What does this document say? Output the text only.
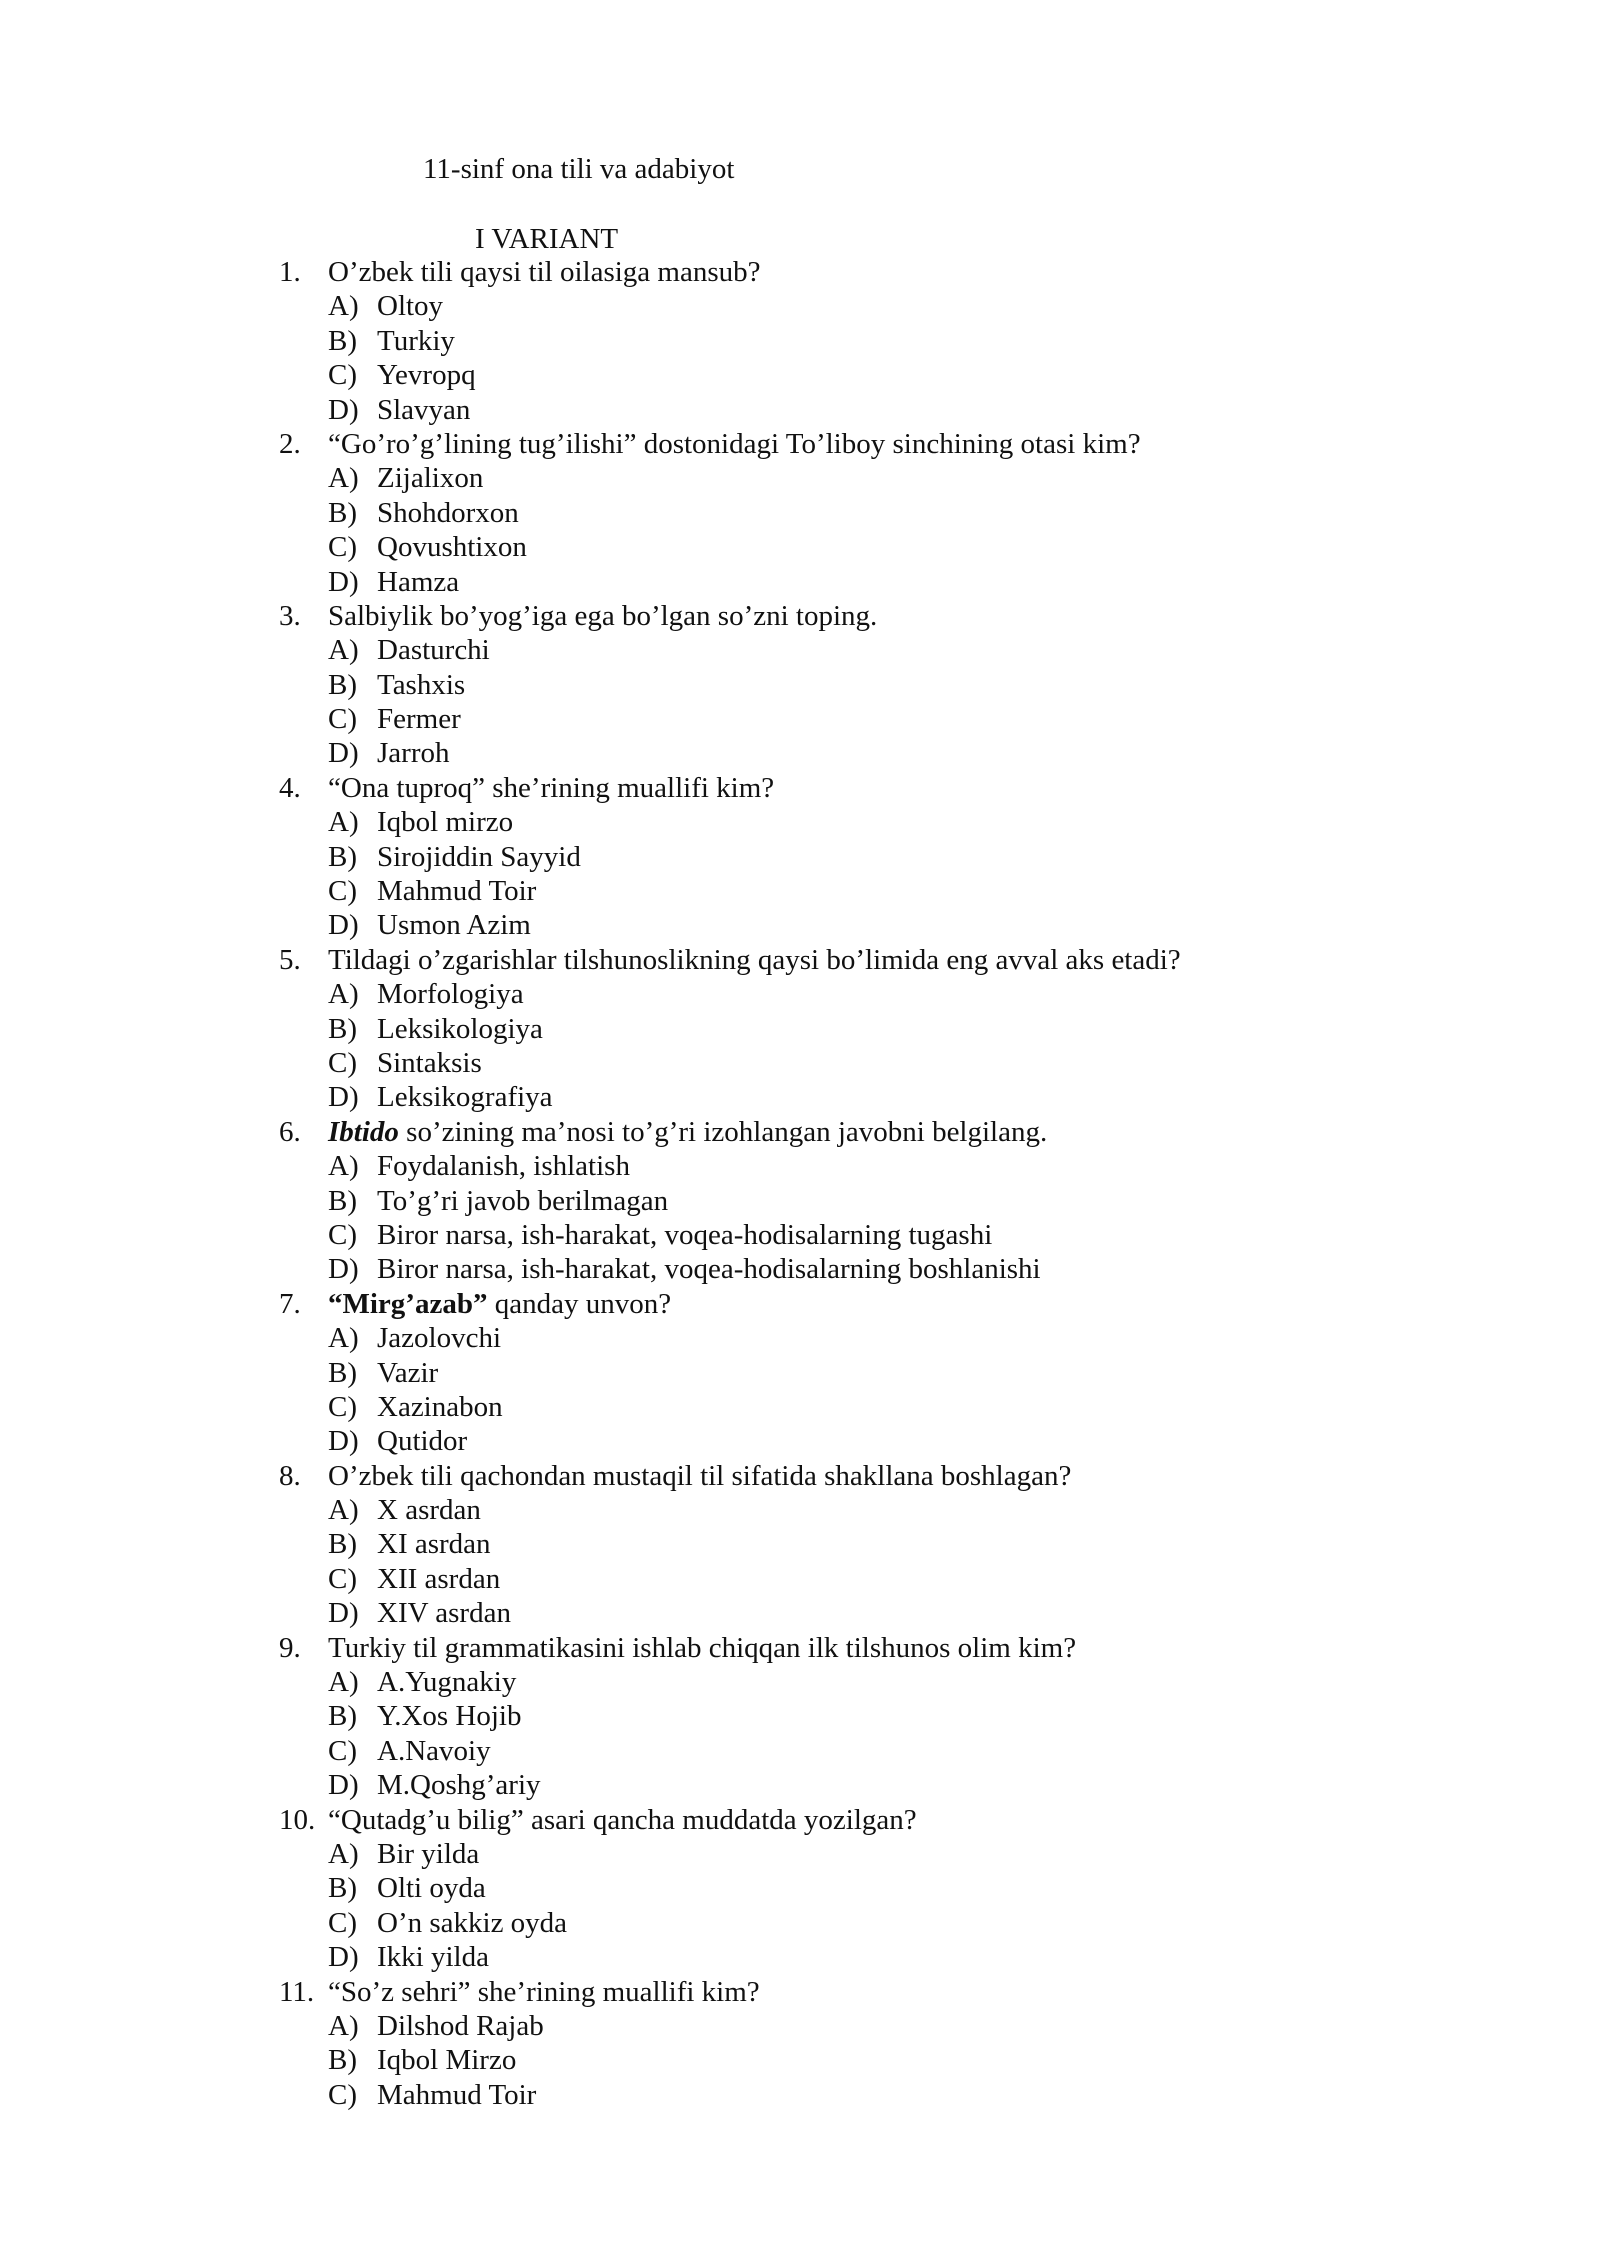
11-sinf ona tili va adabiyot
I VARIANT
1. O’zbek tili qaysi til oilasiga mansub?
A) Oltoy
B) Turkiy
C) Yevropq
D) Slavyan
2. “Go’ro’g’lining tug’ilishi” dostonidagi To’liboy sinchining otasi kim?
A) Zijalixon
B) Shohdorxon
C) Qovushtixon
D) Hamza
3. Salbiylik bo’yog’iga ega bo’lgan so’zni toping.
A) Dasturchi
B) Tashxis
C) Fermer
D) Jarroh
4. “Ona tuproq” she’rining muallifi kim?
A) Iqbol mirzo
B) Sirojiddin Sayyid
C) Mahmud Toir
D) Usmon Azim
5. Tildagi o’zgarishlar tilshunoslikning qaysi bo’limida eng avval aks etadi?
A) Morfologiya
B) Leksikologiya
C) Sintaksis
D) Leksikografiya
6. Ibtido so’zining ma’nosi to’g’ri izohlangan javobni belgilang.
A) Foydalanish, ishlatish
B) To’g’ri javob berilmagan
C) Biror narsa, ish-harakat, voqea-hodisalarning tugashi
D) Biror narsa, ish-harakat, voqea-hodisalarning boshlanishi
7. “Mirg’azab” qanday unvon?
A) Jazolovchi
B) Vazir
C) Xazinabon
D) Qutidor
8. O’zbek tili qachondan mustaqil til sifatida shakllana boshlagan?
A) X asrdan
B) XI asrdan
C) XII asrdan
D) XIV asrdan
9. Turkiy til grammatikasini ishlab chiqqan ilk tilshunos olim kim?
A) A.Yugnakiy
B) Y.Xos Hojib
C) A.Navoiy
D) M.Qoshg’ariy
10. “Qutadg’u bilig” asari qancha muddatda yozilgan?
A) Bir yilda
B) Olti oyda
C) O’n sakkiz oyda
D) Ikki yilda
11. “So’z sehri” she’rining muallifi kim?
A) Dilshod Rajab
B) Iqbol Mirzo
C) Mahmud Toir
